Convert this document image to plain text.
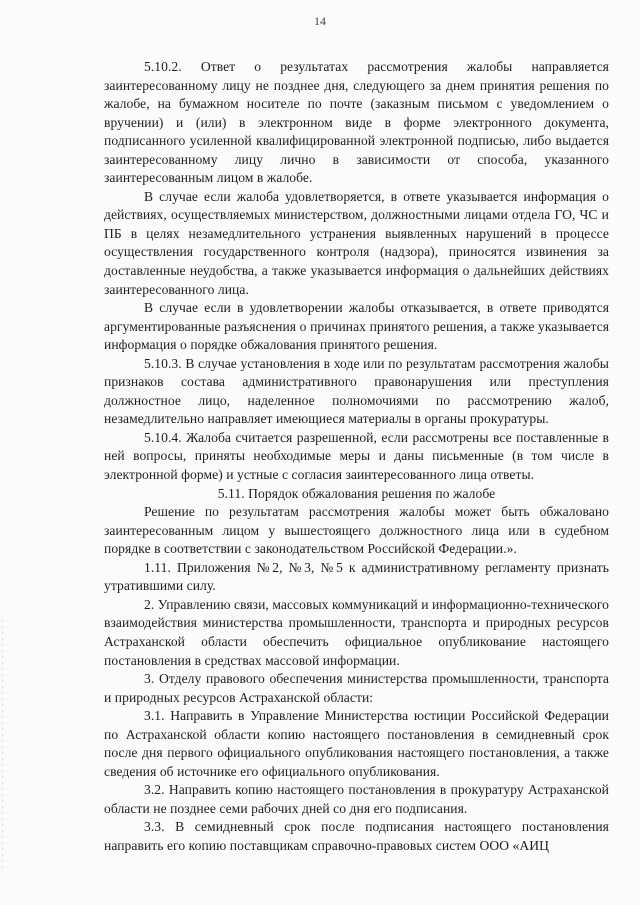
14

5.10.2. Ответ о результатах рассмотрения жалобы направляется заинтересованному лицу не позднее дня, следующего за днем принятия решения по жалобе, на бумажном носителе по почте (заказным письмом с уведомлением о вручении) и (или) в электронном виде в форме электронного документа, подписанного усиленной квалифицированной электронной подписью, либо выдается заинтересованному лицу лично в зависимости от способа, указанного заинтересованным лицом в жалобе.

В случае если жалоба удовлетворяется, в ответе указывается информация о действиях, осуществляемых министерством, должностными лицами отдела ГО, ЧС и ПБ в целях незамедлительного устранения выявленных нарушений в процессе осуществления государственного контроля (надзора), приносятся извинения за доставленные неудобства, а также указывается информация о дальнейших действиях заинтересованного лица.

В случае если в удовлетворении жалобы отказывается, в ответе приводятся аргументированные разъяснения о причинах принятого решения, а также указывается информация о порядке обжалования принятого решения.

5.10.3. В случае установления в ходе или по результатам рассмотрения жалобы признаков состава административного правонарушения или преступления должностное лицо, наделенное полномочиями по рассмотрению жалоб, незамедлительно направляет имеющиеся материалы в органы прокуратуры.

5.10.4. Жалоба считается разрешенной, если рассмотрены все поставленные в ней вопросы, приняты необходимые меры и даны письменные (в том числе в электронной форме) и устные с согласия заинтересованного лица ответы.

5.11. Порядок обжалования решения по жалобе

Решение по результатам рассмотрения жалобы может быть обжаловано заинтересованным лицом у вышестоящего должностного лица или в судебном порядке в соответствии с законодательством Российской Федерации.».

1.11. Приложения №2, №3, №5 к административному регламенту признать утратившими силу.

2. Управлению связи, массовых коммуникаций и информационно-технического взаимодействия министерства промышленности, транспорта и природных ресурсов Астраханской области обеспечить официальное опубликование настоящего постановления в средствах массовой информации.

3. Отделу правового обеспечения министерства промышленности, транспорта и природных ресурсов Астраханской области:

3.1. Направить в Управление Министерства юстиции Российской Федерации по Астраханской области копию настоящего постановления в семидневный срок после дня первого официального опубликования настоящего постановления, а также сведения об источнике его официального опубликования.

3.2. Направить копию настоящего постановления в прокуратуру Астраханской области не позднее семи рабочих дней со дня его подписания.

3.3. В семидневный срок после подписания настоящего постановления направить его копию поставщикам справочно-правовых систем ООО «АИЦ
